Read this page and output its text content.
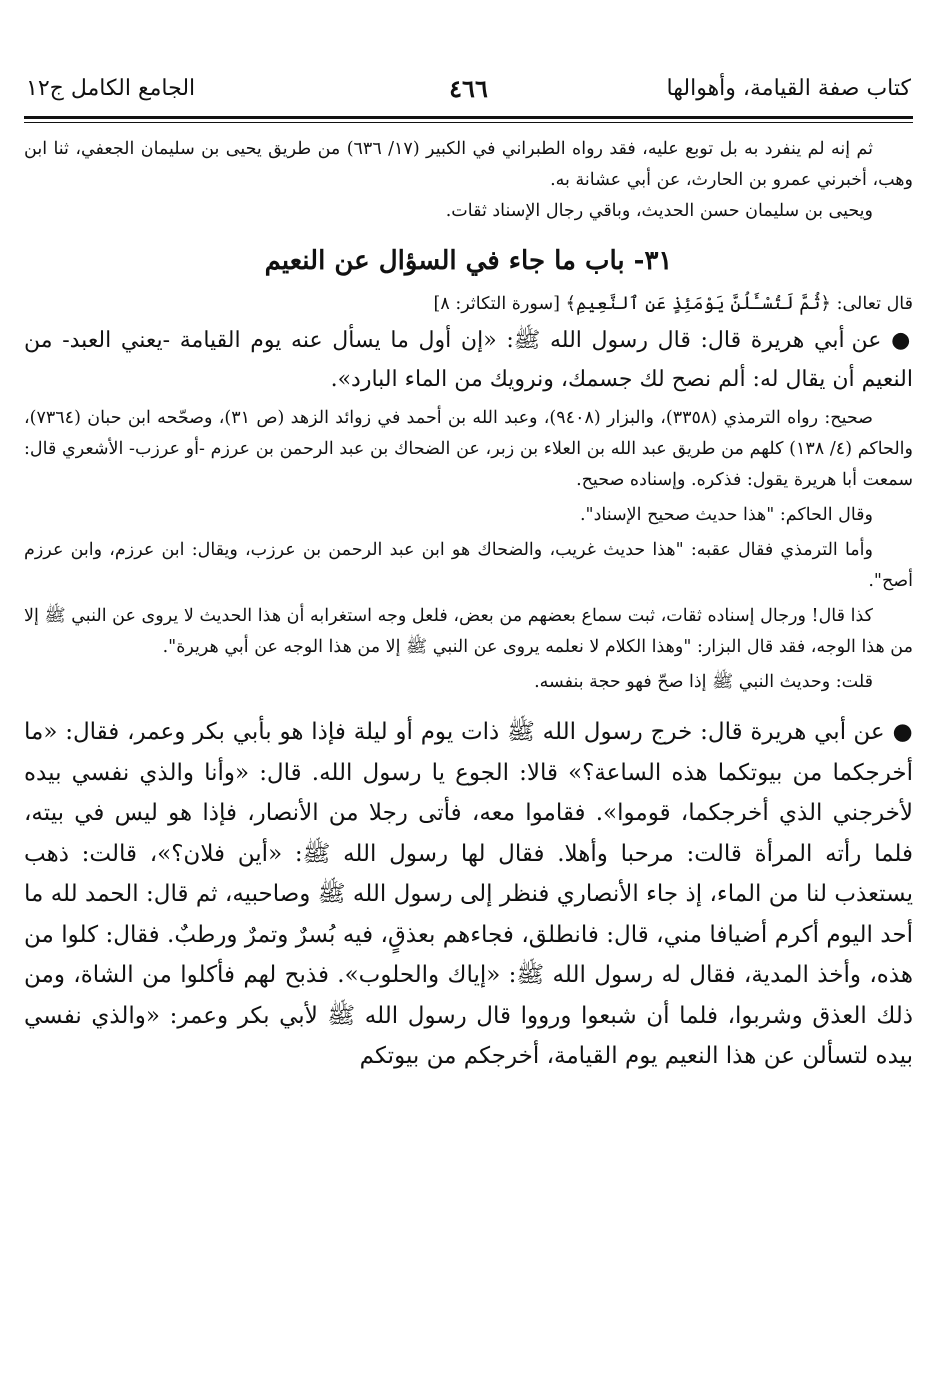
كتاب صفة القيامة، وأهوالها
٤٦٦
الجامع الكامل ج١٢

ثم إنه لم ينفرد به بل توبع عليه، فقد رواه الطبراني في الكبير (١٧/ ٦٣٦) من طريق يحيى بن سليمان الجعفي، ثنا ابن وهب، أخبرني عمرو بن الحارث، عن أبي عشانة به.

ويحيى بن سليمان حسن الحديث، وباقي رجال الإسناد ثقات.

٣١- باب ما جاء في السؤال عن النعيم

قال تعالى: ﴿ثُمَّ لَتُسْـَٔلُنَّ يَوْمَئِذٍ عَنِ ٱلنَّعِيمِ﴾ [سورة التكاثر: ٨]

● عن أبي هريرة قال: قال رسول الله ﷺ: «إن أول ما يسأل عنه يوم القيامة -يعني العبد- من النعيم أن يقال له: ألم نصح لك جسمك، ونرويك من الماء البارد».

صحيح: رواه الترمذي (٣٣٥٨)، والبزار (٩٤٠٨)، وعبد الله بن أحمد في زوائد الزهد (ص ٣١)، وصحّحه ابن حبان (٧٣٦٤)، والحاكم (٤/ ١٣٨) كلهم من طريق عبد الله بن العلاء بن زبر، عن الضحاك بن عبد الرحمن بن عرزم -أو عرزب- الأشعري قال: سمعت أبا هريرة يقول: فذكره. وإسناده صحيح.

وقال الحاكم: "هذا حديث صحيح الإسناد".

وأما الترمذي فقال عقبه: "هذا حديث غريب، والضحاك هو ابن عبد الرحمن بن عرزب، ويقال: ابن عرزم، وابن عرزم أصح".

كذا قال! ورجال إسناده ثقات، ثبت سماع بعضهم من بعض، فلعل وجه استغرابه أن هذا الحديث لا يروى عن النبي ﷺ إلا من هذا الوجه، فقد قال البزار: "وهذا الكلام لا نعلمه يروى عن النبي ﷺ إلا من هذا الوجه عن أبي هريرة".

قلت: وحديث النبي ﷺ إذا صحّ فهو حجة بنفسه.

● عن أبي هريرة قال: خرج رسول الله ﷺ ذات يوم أو ليلة فإذا هو بأبي بكر وعمر، فقال: «ما أخرجكما من بيوتكما هذه الساعة؟» قالا: الجوع يا رسول الله. قال: «وأنا والذي نفسي بيده لأخرجني الذي أخرجكما، قوموا». فقاموا معه، فأتى رجلا من الأنصار، فإذا هو ليس في بيته، فلما رأته المرأة قالت: مرحبا وأهلا. فقال لها رسول الله ﷺ: «أين فلان؟»، قالت: ذهب يستعذب لنا من الماء، إذ جاء الأنصاري فنظر إلى رسول الله ﷺ وصاحبيه، ثم قال: الحمد لله ما أحد اليوم أكرم أضيافا مني، قال: فانطلق، فجاءهم بعذقٍ، فيه بُسرٌ وتمرٌ ورطبٌ. فقال: كلوا من هذه، وأخذ المدية، فقال له رسول الله ﷺ: «إياك والحلوب». فذبح لهم فأكلوا من الشاة، ومن ذلك العذق وشربوا، فلما أن شبعوا ورووا قال رسول الله ﷺ لأبي بكر وعمر: «والذي نفسي بيده لتسألن عن هذا النعيم يوم القيامة، أخرجكم من بيوتكم
